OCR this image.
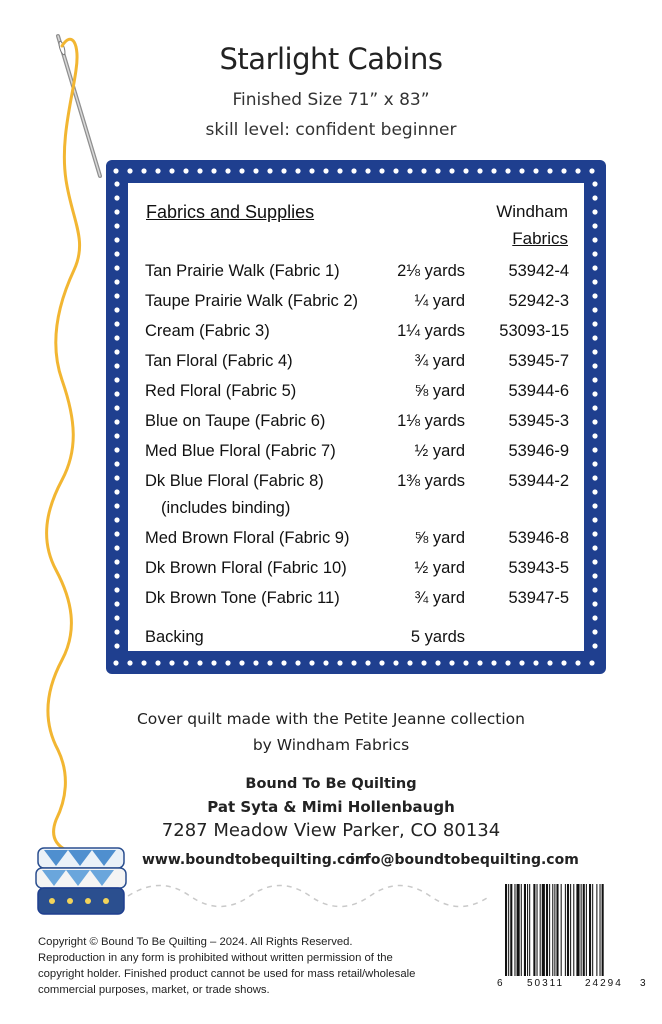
Starlight Cabins
Finished Size 71” x 83”
skill level: confident beginner
Fabrics and Supplies	Windham
Fabrics
Tan Prairie Walk (Fabric 1)	2⅛ yards	53942-4
Taupe Prairie Walk (Fabric 2)	¼ yard	52942-3
Cream (Fabric 3)	1¼ yards 53093-15
Tan Floral (Fabric 4)	¾ yard	53945-7
Red Floral (Fabric 5)	⅝ yard	53944-6
Blue on Taupe (Fabric 6)	1⅛ yards	53945-3
Med Blue Floral (Fabric 7)	½ yard	53946-9
Dk Blue Floral (Fabric 8)	1⅜ yards	53944-2
(includes binding)
Med Brown Floral (Fabric 9)	⅝ yard	53946-8
Dk Brown Floral (Fabric 10)	½ yard	53943-5
Dk Brown Tone (Fabric 11)	¾ yard	53947-5
Backing	5 yards
Cover quilt made with the Petite Jeanne collection
by Windham Fabrics
Bound To Be Quilting
Pat Syta & Mimi Hollenbaugh
7287 Meadow View Parker, CO 80134
www.boundtobequilting.com
info@boundtobequilting.com
Copyright © Bound To Be Quilting – 2024. All Rights Reserved.
Reproduction in any form is prohibited without written permission of the
copyright holder. Finished product cannot be used for mass retail/wholesale
commercial purposes, market, or trade shows.
6 50311 24294 3
